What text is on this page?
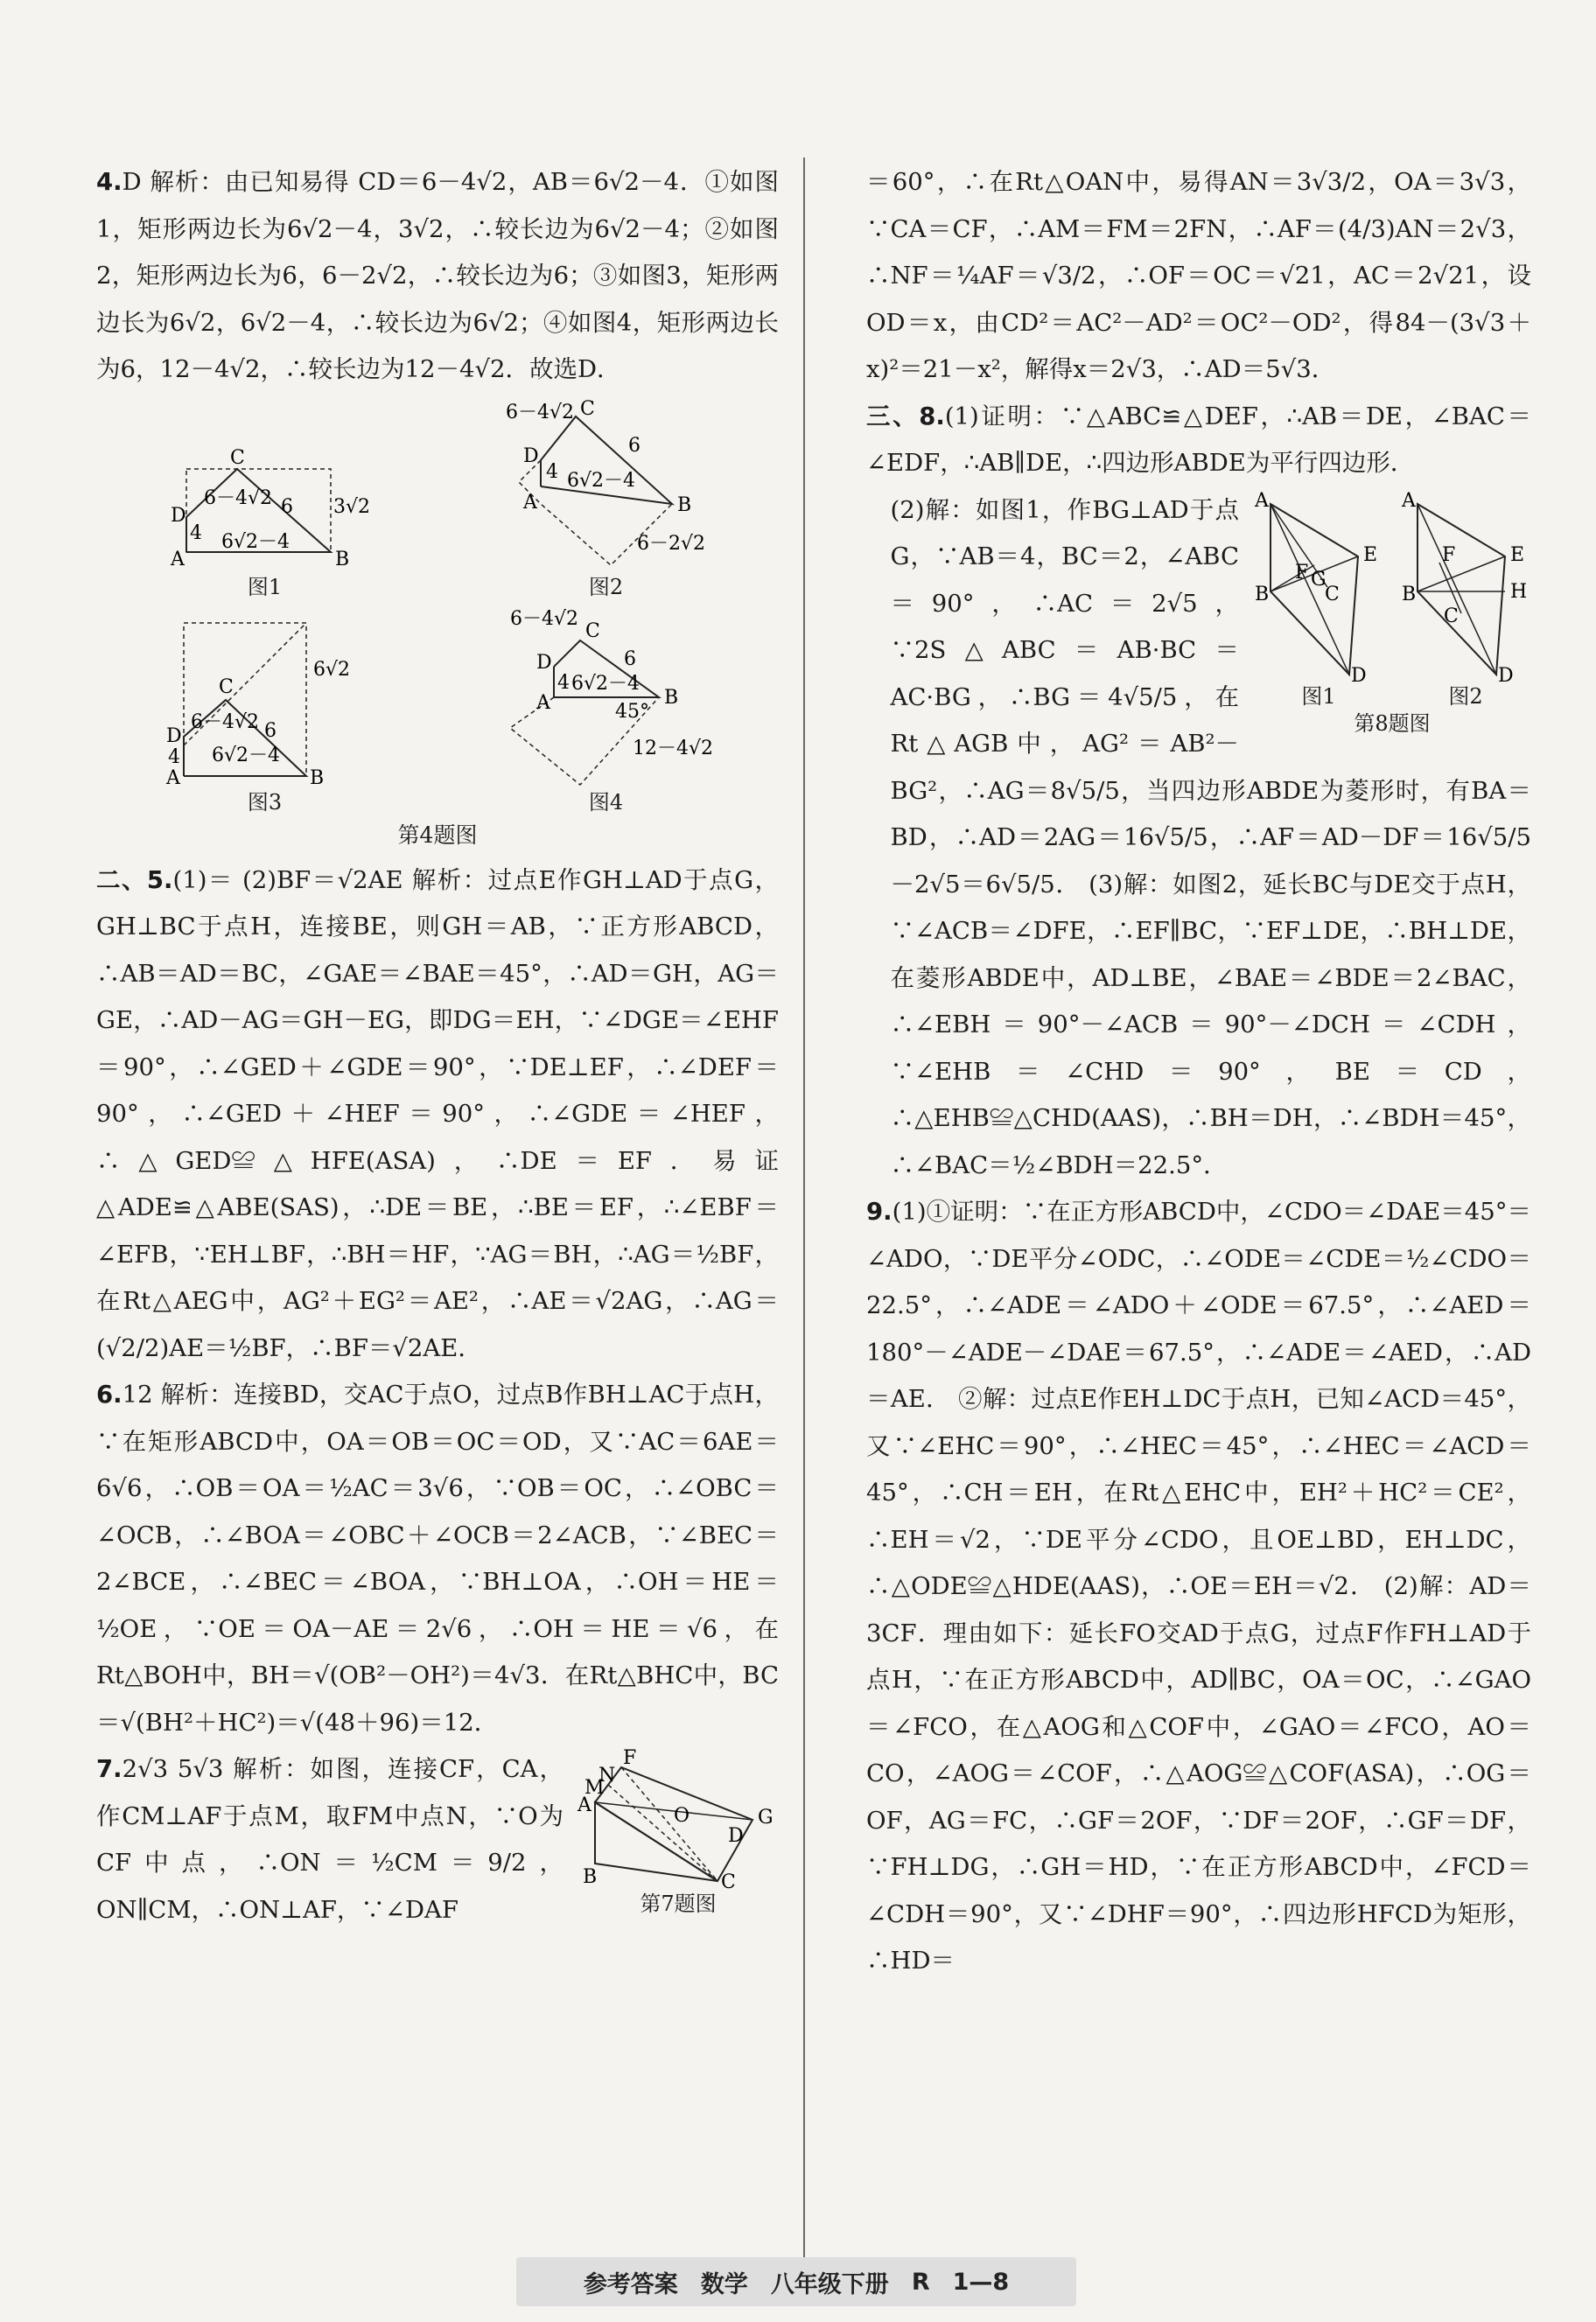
4.D 解析：由已知易得 CD＝6－4√2，AB＝6√2－4．①如图1，矩形两边长为6√2－4，3√2，∴较长边为6√2－4；②如图2，矩形两边长为6，6－2√2，∴较长边为6；③如图3，矩形两边长为6√2，6√2－4，∴较长边为6√2；④如图4，矩形两边长为6，12－4√2，∴较长边为12－4√2．故选D．

C
D
A	B
6－4√2 6
4 6√2－4
3√2
图1
C
D
A	B
6－4√2
6
4 6√2－4
6－2√2
图2
C
D
A	B
6－4√2 6
4 6√2－4
6√2
图3
C
D
A	B
6－4√2
6
4 6√2－4
45°
12－4√2
图4
第4题图

二、5.(1)＝ (2)BF＝√2AE 解析：过点E作GH⊥AD于点G，GH⊥BC于点H，连接BE，则GH＝AB，∵正方形ABCD，∴AB＝AD＝BC，∠GAE＝∠BAE＝45°，∴AD＝GH，AG＝GE，∴AD－AG＝GH－EG，即DG＝EH，∵∠DGE＝∠EHF＝90°，∴∠GED＋∠GDE＝90°，∵DE⊥EF，∴∠DEF＝90°，∴∠GED＋∠HEF＝90°，∴∠GDE＝∠HEF，∴△GED≌△HFE(ASA)，∴DE＝EF．易证△ADE≌△ABE(SAS)，∴DE＝BE，∴BE＝EF，∴∠EBF＝∠EFB，∵EH⊥BF，∴BH＝HF，∵AG＝BH，∴AG＝½BF，在Rt△AEG中，AG²＋EG²＝AE²，∴AE＝√2AG，∴AG＝(√2/2)AE＝½BF，∴BF＝√2AE．

6.12 解析：连接BD，交AC于点O，过点B作BH⊥AC于点H，∵在矩形ABCD中，OA＝OB＝OC＝OD，又∵AC＝6AE＝6√6，∴OB＝OA＝½AC＝3√6，∵OB＝OC，∴∠OBC＝∠OCB，∴∠BOA＝∠OBC＋∠OCB＝2∠ACB，∵∠BEC＝2∠BCE，∴∠BEC＝∠BOA，∵BH⊥OA，∴OH＝HE＝½OE，∵OE＝OA－AE＝2√6，∴OH＝HE＝√6，在Rt△BOH中，BH＝√(OB²－OH²)＝4√3．在Rt△BHC中，BC＝√(BH²＋HC²)＝√(48＋96)＝12．

F
N
M
O
A
D
G
B	C
第7题图

7.2√3 5√3 解析：如图，连接CF，CA，作CM⊥AF于点M，取FM中点N，∵O为CF中点，∴ON＝½CM＝9/2，ON∥CM，∴ON⊥AF，∵∠DAF

＝60°，∴在Rt△OAN中，易得AN＝3√3/2，OA＝3√3，∵CA＝CF，∴AM＝FM＝2FN，∴AF＝(4/3)AN＝2√3，∴NF＝¼AF＝√3/2，∴OF＝OC＝√21，AC＝2√21，设OD＝x，由CD²＝AC²－AD²＝OC²－OD²，得84－(3√3＋x)²＝21－x²，解得x＝2√3，∴AD＝5√3．

三、8.(1)证明：∵△ABC≌△DEF，∴AB＝DE，∠BAC＝∠EDF，∴AB∥DE，∴四边形ABDE为平行四边形．

A
B	C
D
E
F G
图1
A
B
C
D
E
F
H
图2
第8题图

(2)解：如图1，作BG⊥AD于点G，∵AB＝4，BC＝2，∠ABC＝90°，∴AC＝2√5，∵2S△ABC＝AB·BC＝AC·BG，∴BG＝4√5/5，在Rt△AGB中，AG²＝AB²－BG²，∴AG＝8√5/5，当四边形ABDE为菱形时，有BA＝BD，∴AD＝2AG＝16√5/5，∴AF＝AD－DF＝16√5/5－2√5＝6√5/5． (3)解：如图2，延长BC与DE交于点H，∵∠ACB＝∠DFE，∴EF∥BC，∵EF⊥DE，∴BH⊥DE，在菱形ABDE中，AD⊥BE，∠BAE＝∠BDE＝2∠BAC，∴∠EBH＝90°－∠ACB＝90°－∠DCH＝∠CDH，∵∠EHB＝∠CHD＝90°，BE＝CD，∴△EHB≌△CHD(AAS)，∴BH＝DH，∴∠BDH＝45°，∴∠BAC＝½∠BDH＝22.5°．

9.(1)①证明：∵在正方形ABCD中，∠CDO＝∠DAE＝45°＝∠ADO，∵DE平分∠ODC，∴∠ODE＝∠CDE＝½∠CDO＝22.5°，∴∠ADE＝∠ADO＋∠ODE＝67.5°，∴∠AED＝180°－∠ADE－∠DAE＝67.5°，∴∠ADE＝∠AED，∴AD＝AE． ②解：过点E作EH⊥DC于点H，已知∠ACD＝45°，又∵∠EHC＝90°，∴∠HEC＝45°，∴∠HEC＝∠ACD＝45°，∴CH＝EH，在Rt△EHC中，EH²＋HC²＝CE²，∴EH＝√2，∵DE平分∠CDO，且OE⊥BD，EH⊥DC，∴△ODE≌△HDE(AAS)，∴OE＝EH＝√2． (2)解：AD＝3CF．理由如下：延长FO交AD于点G，过点F作FH⊥AD于点H，∵在正方形ABCD中，AD∥BC，OA＝OC，∴∠GAO＝∠FCO，在△AOG和△COF中，∠GAO＝∠FCO，AO＝CO，∠AOG＝∠COF，∴△AOG≌△COF(ASA)，∴OG＝OF，AG＝FC，∴GF＝2OF，∵DF＝2OF，∴GF＝DF，∵FH⊥DG，∴GH＝HD，∵在正方形ABCD中，∠FCD＝∠CDH＝90°，又∵∠DHF＝90°，∴四边形HFCD为矩形，∴HD＝

参考答案 数学 八年级下册 R 1—8
